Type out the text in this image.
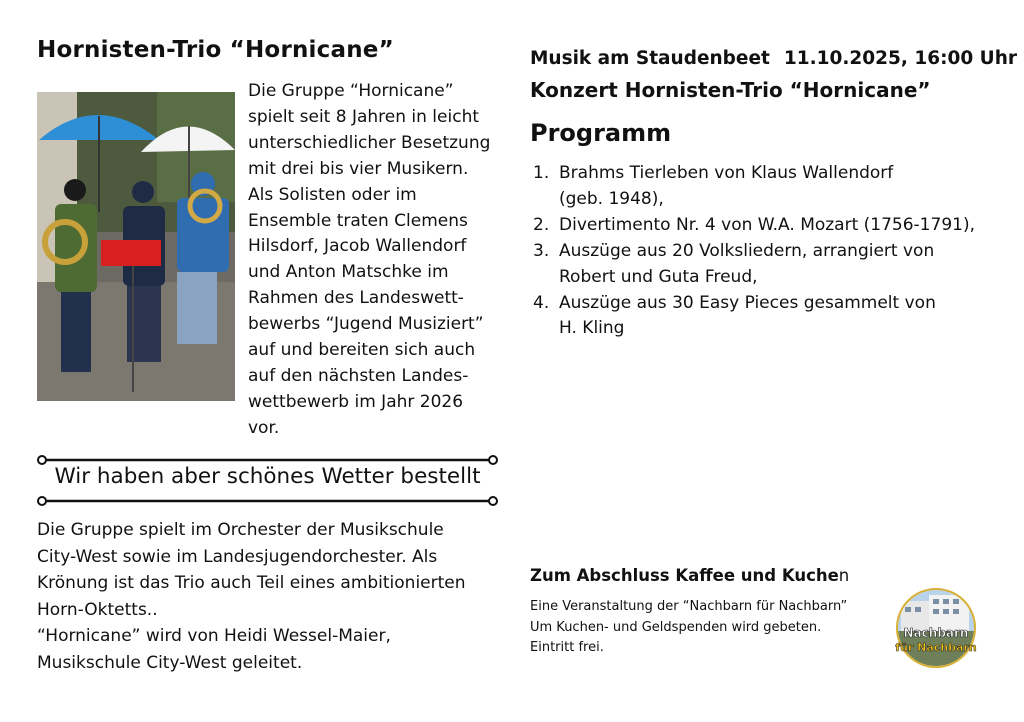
Hornisten-Trio “Hornicane”
Die Gruppe “Hornicane”
spielt seit 8 Jahren in leicht
unterschiedlicher Besetzung
mit drei bis vier Musikern.
Als Solisten oder im
Ensemble traten Clemens
Hilsdorf, Jacob Wallendorf
und Anton Matschke im
Rahmen des Landeswett-
bewerbs “Jugend Musiziert”
auf und bereiten sich auch
auf den nächsten Landes-
wettbewerb im Jahr 2026
vor.
Wir haben aber schönes Wetter bestellt
Die Gruppe spielt im Orchester der Musikschule
City-West sowie im Landesjugendorchester. Als
Krönung ist das Trio auch Teil eines ambitionierten
Horn-Oktetts..
“Hornicane” wird von Heidi Wessel-Maier,
Musikschule City-West geleitet.
Musik am Staudenbeet 11.10.2025, 16:00 Uhr
Konzert Hornisten-Trio “Hornicane”
Programm
1. Brahms Tierleben von Klaus Wallendorf
(geb. 1948),
2. Divertimento Nr. 4 von W.A. Mozart (1756-1791),
3. Auszüge aus 20 Volksliedern, arrangiert von
Robert und Guta Freud,
4. Auszüge aus 30 Easy Pieces gesammelt von
H. Kling
Zum Abschluss Kaffee und Kuchen
Eine Veranstaltung der “Nachbarn für Nachbarn”
Um Kuchen- und Geldspenden wird gebeten.
Eintritt frei.
Nachbarn
für Nachbarn
